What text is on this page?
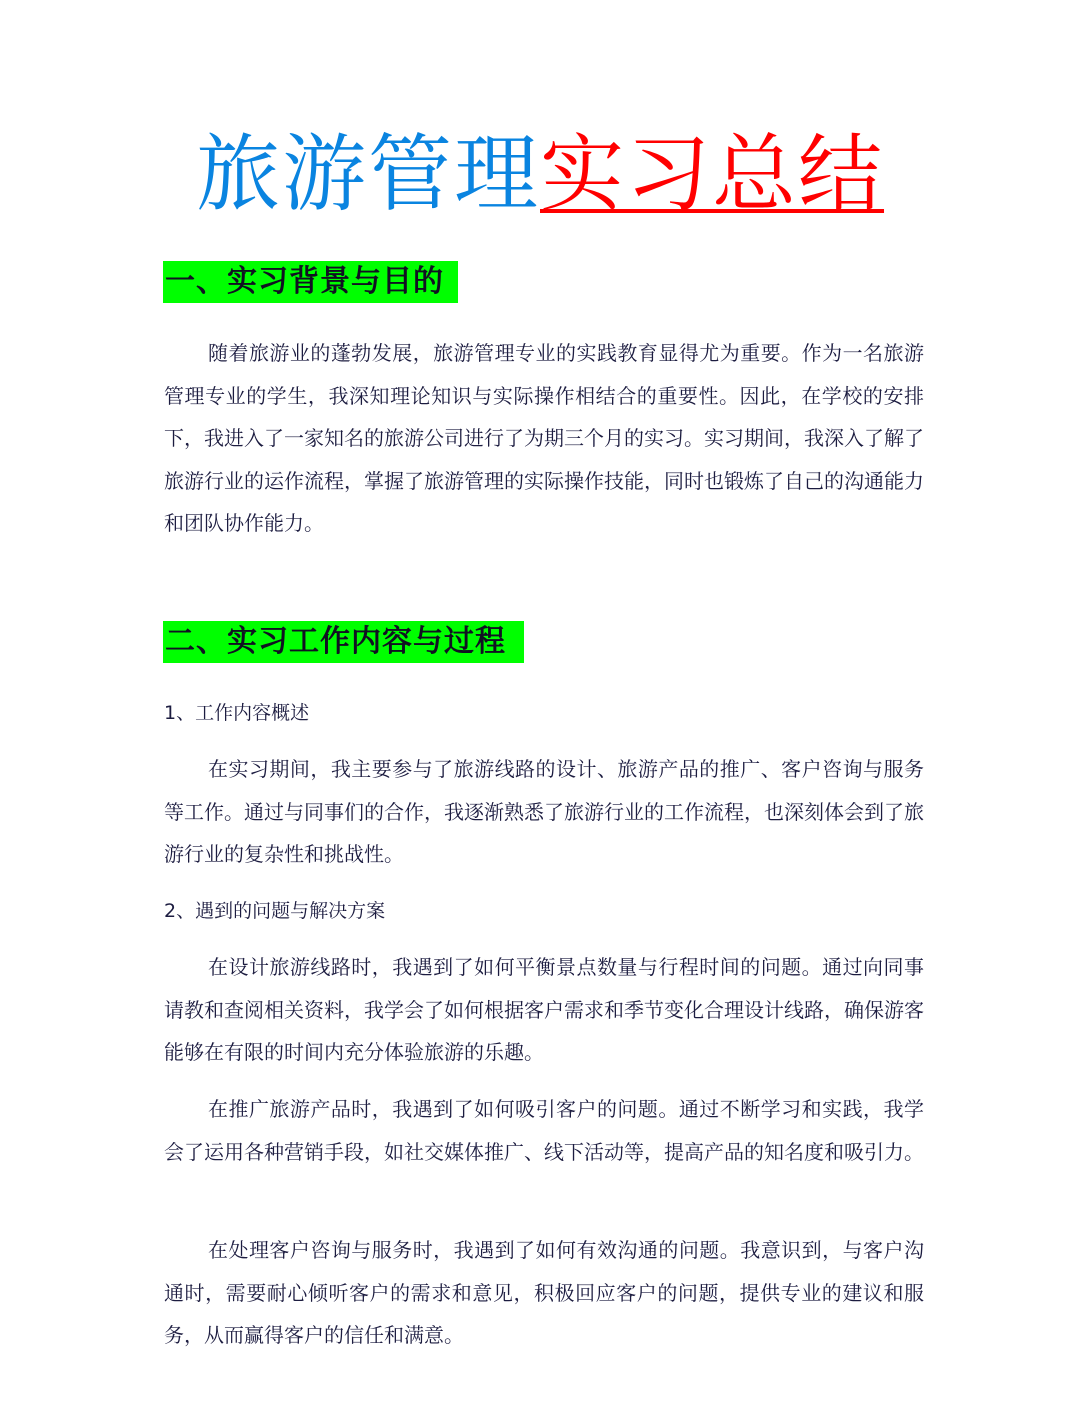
旅游管理实习总结
一、实习背景与目的

随着旅游业的蓬勃发展，旅游管理专业的实践教育显得尤为重要。作为一名旅游管理专业的学生，我深知理论知识与实际操作相结合的重要性。因此，在学校的安排下，我进入了一家知名的旅游公司进行了为期三个月的实习。实习期间，我深入了解了旅游行业的运作流程，掌握了旅游管理的实际操作技能，同时也锻炼了自己的沟通能力和团队协作能力。

二、实习工作内容与过程
1、工作内容概述

在实习期间，我主要参与了旅游线路的设计、旅游产品的推广、客户咨询与服务等工作。通过与同事们的合作，我逐渐熟悉了旅游行业的工作流程，也深刻体会到了旅游行业的复杂性和挑战性。

2、遇到的问题与解决方案

在设计旅游线路时，我遇到了如何平衡景点数量与行程时间的问题。通过向同事请教和查阅相关资料，我学会了如何根据客户需求和季节变化合理设计线路，确保游客能够在有限的时间内充分体验旅游的乐趣。

在推广旅游产品时，我遇到了如何吸引客户的问题。通过不断学习和实践，我学会了运用各种营销手段，如社交媒体推广、线下活动等，提高产品的知名度和吸引力。

在处理客户咨询与服务时，我遇到了如何有效沟通的问题。我意识到，与客户沟通时，需要耐心倾听客户的需求和意见，积极回应客户的问题，提供专业的建议和服务，从而赢得客户的信任和满意。
